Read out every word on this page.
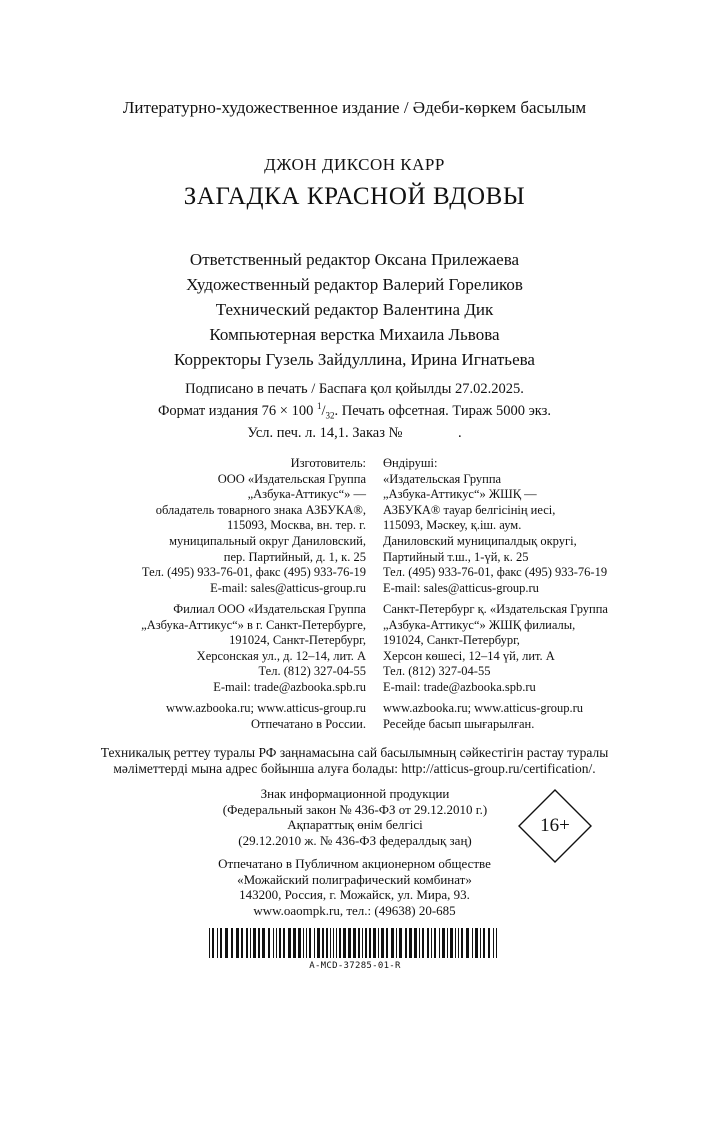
Литературно-художественное издание / Әдеби-көркем басылым
ДЖОН ДИКСОН КАРР
ЗАГАДКА КРАСНОЙ ВДОВЫ
Ответственный редактор Оксана Прилежаева
Художественный редактор Валерий Гореликов
Технический редактор Валентина Дик
Компьютерная верстка Михаила Львова
Корректоры Гузель Зайдуллина, Ирина Игнатьева
Подписано в печать / Баспаға қол қойылды 27.02.2025.
Формат издания 76 × 100 $^1/_{32}$. Печать офсетная. Тираж 5000 экз.
Усл. печ. л. 14,1. Заказ №	.
Изготовитель:
ООО «Издательская Группа
„Азбука-Аттикус“» —
обладатель товарного знака АЗБУКА®,
115093, Москва, вн. тер. г.
муниципальный округ Даниловский,
пер. Партийный, д. 1, к. 25
Тел. (495) 933-76-01, факс (495) 933-76-19
E-mail: sales@atticus-group.ru
Өндіруші:
«Издательская Группа
„Азбука-Аттикус“» ЖШҚ —
АЗБУКА® тауар белгісінің иесі,
115093, Мәскеу, қ.іш. аум.
Даниловский муниципалдық округі,
Партийный т.ш., 1-үй, к. 25
Тел. (495) 933-76-01, факс (495) 933-76-19
E-mail: sales@atticus-group.ru
Филиал ООО «Издательская Группа
„Азбука-Аттикус“» в г. Санкт-Петербурге,
191024, Санкт-Петербург,
Херсонская ул., д. 12–14, лит. А
Тел. (812) 327-04-55
E-mail: trade@azbooka.spb.ru
Санкт-Петербург қ. «Издательская Группа
„Азбука-Аттикус“» ЖШҚ филиалы,
191024, Санкт-Петербург,
Херсон көшесі, 12–14 үй, лит. А
Тел. (812) 327-04-55
E-mail: trade@azbooka.spb.ru
www.azbooka.ru; www.atticus-group.ru
Отпечатано в России.
www.azbooka.ru; www.atticus-group.ru
Ресейде басып шығарылған.
Техникалық реттеу туралы РФ заңнамасына сай басылымның сәйкестігін растау туралы
мәліметтерді мына адрес бойынша алуға болады: http://atticus-group.ru/certification/.
Знак информационной продукции
(Федеральный закон № 436-ФЗ от 29.12.2010 г.)
Ақпараттық өнім белгісі
(29.12.2010 ж. № 436-ФЗ федералдық заң)
16+
Отпечатано в Публичном акционерном обществе
«Можайский полиграфический комбинат»
143200, Россия, г. Можайск, ул. Мира, 93.
www.oaompk.ru, тел.: (49638) 20-685
A-MCD-37285-01-R
